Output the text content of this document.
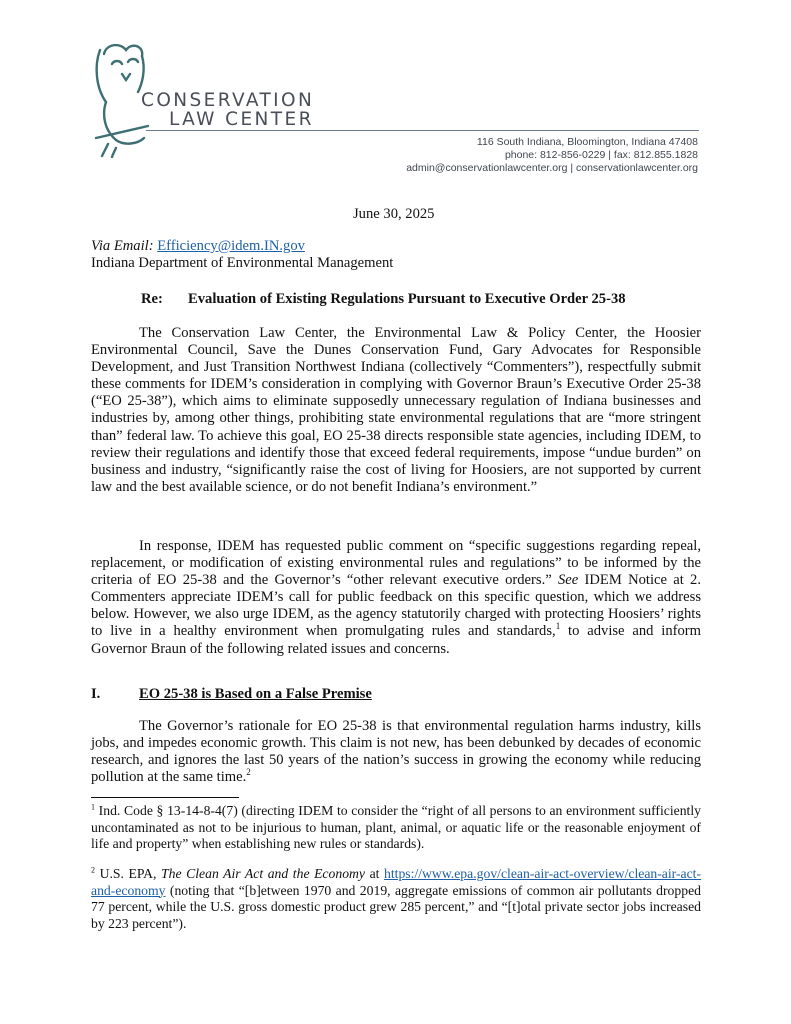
CONSERVATION
LAW CENTER
116 South Indiana, Bloomington, Indiana 47408
phone: 812-856-0229 | fax: 812.855.1828
admin@conservationlawcenter.org | conservationlawcenter.org
June 30, 2025
Via Email: Efficiency@idem.IN.gov
Indiana Department of Environmental Management
Re: Evaluation of Existing Regulations Pursuant to Executive Order 25-38
The Conservation Law Center, the Environmental Law & Policy Center, the Hoosier Environmental Council, Save the Dunes Conservation Fund, Gary Advocates for Responsible Development, and Just Transition Northwest Indiana (collectively “Commenters”), respectfully submit these comments for IDEM’s consideration in complying with Governor Braun’s Executive Order 25-38 (“EO 25-38”), which aims to eliminate supposedly unnecessary regulation of Indiana businesses and industries by, among other things, prohibiting state environmental regulations that are “more stringent than” federal law. To achieve this goal, EO 25-38 directs responsible state agencies, including IDEM, to review their regulations and identify those that exceed federal requirements, impose “undue burden” on business and industry, “significantly raise the cost of living for Hoosiers, are not supported by current law and the best available science, or do not benefit Indiana’s environment.”
In response, IDEM has requested public comment on “specific suggestions regarding repeal, replacement, or modification of existing environmental rules and regulations” to be informed by the criteria of EO 25-38 and the Governor’s “other relevant executive orders.” See IDEM Notice at 2. Commenters appreciate IDEM’s call for public feedback on this specific question, which we address below. However, we also urge IDEM, as the agency statutorily charged with protecting Hoosiers’ rights to live in a healthy environment when promulgating rules and standards,$^1$ to advise and inform Governor Braun of the following related issues and concerns.
I.	EO 25-38 is Based on a False Premise
The Governor’s rationale for EO 25-38 is that environmental regulation harms industry, kills jobs, and impedes economic growth. This claim is not new, has been debunked by decades of economic research, and ignores the last 50 years of the nation’s success in growing the economy while reducing pollution at the same time.$^2$
$^1$ Ind. Code § 13-14-8-4(7) (directing IDEM to consider the “right of all persons to an environment sufficiently uncontaminated as not to be injurious to human, plant, animal, or aquatic life or the reasonable enjoyment of life and property” when establishing new rules or standards).
$^2$ U.S. EPA, The Clean Air Act and the Economy at https://www.epa.gov/clean-air-act-overview/clean-air-act-and-economy (noting that “[b]etween 1970 and 2019, aggregate emissions of common air pollutants dropped 77 percent, while the U.S. gross domestic product grew 285 percent,” and “[t]otal private sector jobs increased by 223 percent”).
